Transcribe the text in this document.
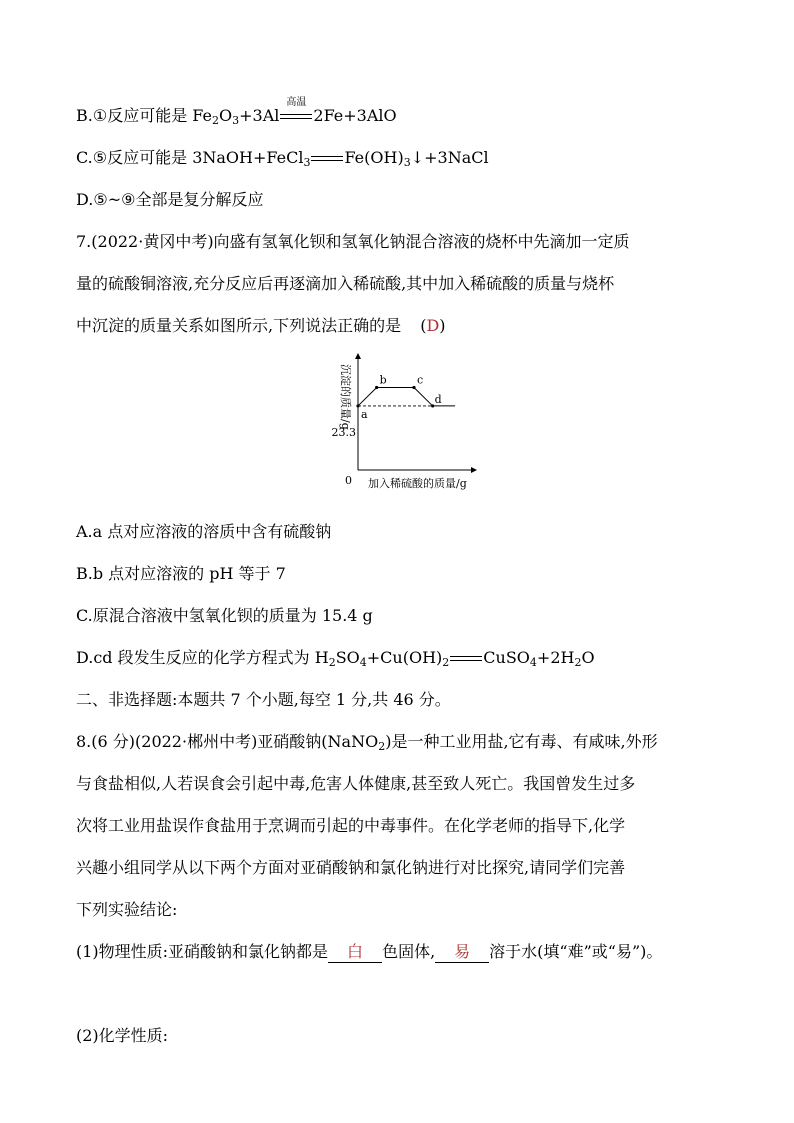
B.①反应可能是 $Fe_2O_3+3Al$
高温
2Fe+3AlO
C.⑤反应可能是 3NaOH+FeCl$_3$ $Fe(OH)_3↓+3NaCl$
D.⑤~⑨全部是复分解反应
7.(2022·黄冈中考)向盛有氢氧化钡和氢氧化钠混合溶液的烧杯中先滴加一定质
量的硫酸铜溶液,充分反应后再逐滴加入稀硫酸,其中加入稀硫酸的质量与烧杯
中沉淀的质量关系如图所示,下列说法正确的是 (D)
a
b	c
d
沉淀的质量/g
0 加入稀硫酸的质量/g
23.3
A.a 点对应溶液的溶质中含有硫酸钠
B.b 点对应溶液的 pH 等于 7
C.原混合溶液中氢氧化钡的质量为 15.4 g
D.cd 段发生反应的化学方程式为 $H_2SO_4+Cu(OH)_2$ $CuSO_4+2H_2O$
二、非选择题:本题共 7 个小题,每空 1 分,共 46 分。
8.(6 分)(2022·郴州中考)亚硝酸钠(NaNO$_2$)是一种工业用盐,它有毒、有咸味,外形
与食盐相似,人若误食会引起中毒,危害人体健康,甚至致人死亡。我国曾发生过多
次将工业用盐误作食盐用于烹调而引起的中毒事件。在化学老师的指导下,化学
兴趣小组同学从以下两个方面对亚硝酸钠和氯化钠进行对比探究,请同学们完善
下列实验结论:
(1)物理性质:亚硝酸钠和氯化钠都是 白 色固体, 易 溶于水(填“难”或“易”)。
(2)化学性质:
